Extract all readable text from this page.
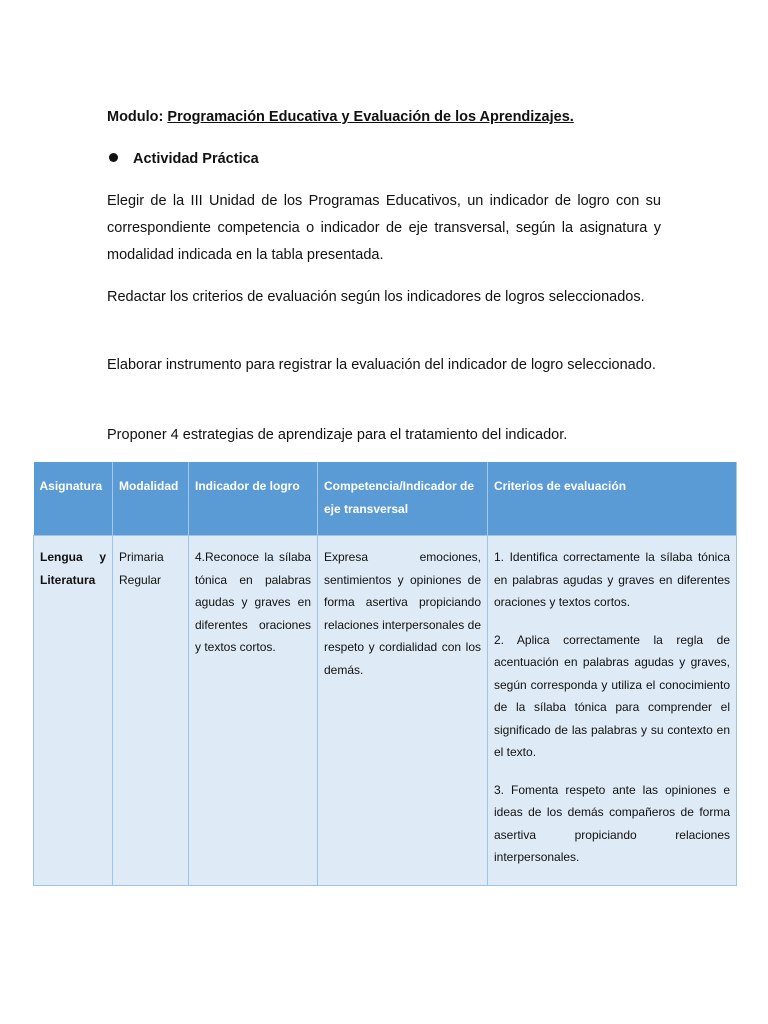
Modulo: Programación Educativa y Evaluación de los Aprendizajes.
Actividad Práctica
Elegir de la III Unidad de los Programas Educativos, un indicador de logro con su correspondiente competencia o indicador de eje transversal, según la asignatura y modalidad indicada en la tabla presentada.
Redactar los criterios de evaluación según los indicadores de logros seleccionados.
Elaborar instrumento para registrar la evaluación del indicador de logro seleccionado.
Proponer 4 estrategias de aprendizaje para el tratamiento del indicador.
Asignatura	Modalidad	Indicador de logro	Competencia/Indicador de eje transversal	Criterios de evaluación
Lengua y Literatura	Primaria Regular	4.Reconoce la sílaba tónica en palabras agudas y graves en diferentes oraciones y textos cortos.	Expresa emociones, sentimientos y opiniones de forma asertiva propiciando relaciones interpersonales de respeto y cordialidad con los demás.	1. Identifica correctamente la sílaba tónica en palabras agudas y graves en diferentes oraciones y textos cortos.

2. Aplica correctamente la regla de acentuación en palabras agudas y graves, según corresponda y utiliza el conocimiento de la sílaba tónica para comprender el significado de las palabras y su contexto en el texto.

3. Fomenta respeto ante las opiniones e ideas de los demás compañeros de forma asertiva propiciando relaciones interpersonales.
